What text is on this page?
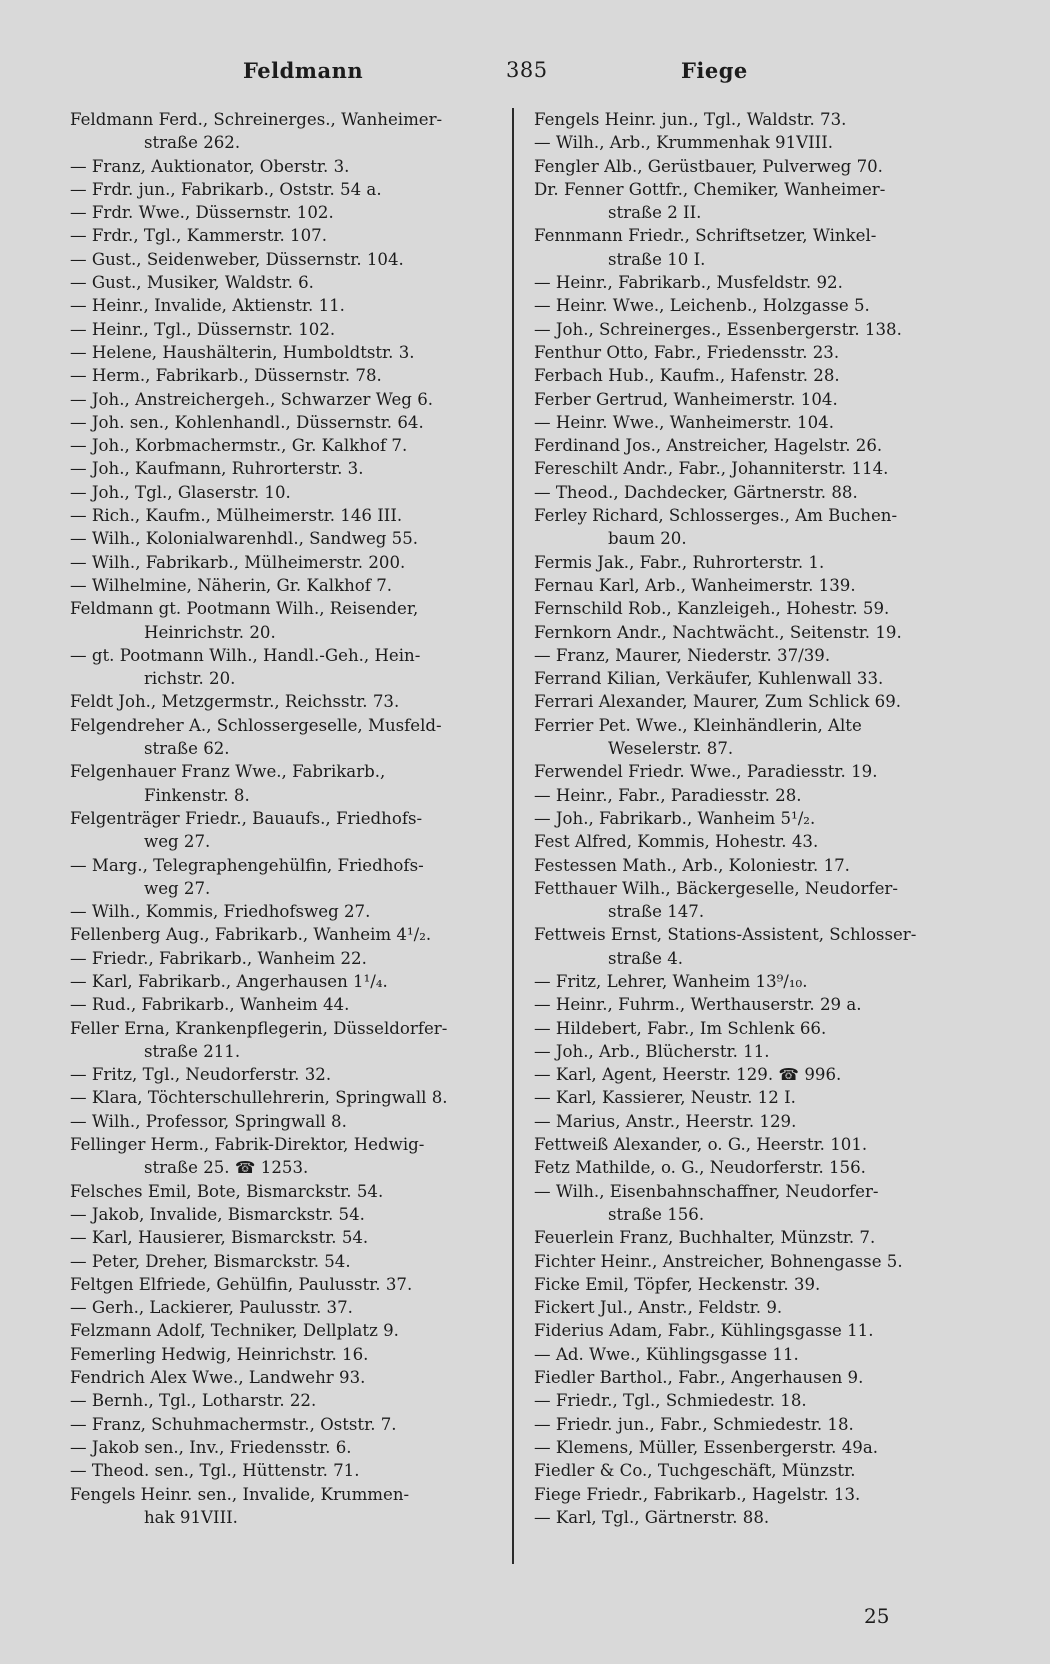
Feldmann	385	Fiege
Feldmann Ferd., Schreinerges., Wanheimer-
straße 262.
— Franz, Auktionator, Oberstr. 3.
— Frdr. jun., Fabrikarb., Oststr. 54 a.
— Frdr. Wwe., Düssernstr. 102.
— Frdr., Tgl., Kammerstr. 107.
— Gust., Seidenweber, Düssernstr. 104.
— Gust., Musiker, Waldstr. 6.
— Heinr., Invalide, Aktienstr. 11.
— Heinr., Tgl., Düssernstr. 102.
— Helene, Haushälterin, Humboldtstr. 3.
— Herm., Fabrikarb., Düssernstr. 78.
— Joh., Anstreichergeh., Schwarzer Weg 6.
— Joh. sen., Kohlenhandl., Düssernstr. 64.
— Joh., Korbmachermstr., Gr. Kalkhof 7.
— Joh., Kaufmann, Ruhrorterstr. 3.
— Joh., Tgl., Glaserstr. 10.
— Rich., Kaufm., Mülheimerstr. 146 III.
— Wilh., Kolonialwarenhdl., Sandweg 55.
— Wilh., Fabrikarb., Mülheimerstr. 200.
— Wilhelmine, Näherin, Gr. Kalkhof 7.
Feldmann gt. Pootmann Wilh., Reisender,
Heinrichstr. 20.
— gt. Pootmann Wilh., Handl.-Geh., Hein-
richstr. 20.
Feldt Joh., Metzgermstr., Reichsstr. 73.
Felgendreher A., Schlossergeselle, Musfeld-
straße 62.
Felgenhauer Franz Wwe., Fabrikarb.,
Finkenstr. 8.
Felgenträger Friedr., Bauaufs., Friedhofs-
weg 27.
— Marg., Telegraphengehülfin, Friedhofs-
weg 27.
— Wilh., Kommis, Friedhofsweg 27.
Fellenberg Aug., Fabrikarb., Wanheim 4¹/₂.
— Friedr., Fabrikarb., Wanheim 22.
— Karl, Fabrikarb., Angerhausen 1¹/₄.
— Rud., Fabrikarb., Wanheim 44.
Feller Erna, Krankenpflegerin, Düsseldorfer-
straße 211.
— Fritz, Tgl., Neudorferstr. 32.
— Klara, Töchterschullehrerin, Springwall 8.
— Wilh., Professor, Springwall 8.
Fellinger Herm., Fabrik-Direktor, Hedwig-
straße 25. ☎ 1253.
Felsches Emil, Bote, Bismarckstr. 54.
— Jakob, Invalide, Bismarckstr. 54.
— Karl, Hausierer, Bismarckstr. 54.
— Peter, Dreher, Bismarckstr. 54.
Feltgen Elfriede, Gehülfin, Paulusstr. 37.
— Gerh., Lackierer, Paulusstr. 37.
Felzmann Adolf, Techniker, Dellplatz 9.
Femerling Hedwig, Heinrichstr. 16.
Fendrich Alex Wwe., Landwehr 93.
— Bernh., Tgl., Lotharstr. 22.
— Franz, Schuhmachermstr., Oststr. 7.
— Jakob sen., Inv., Friedensstr. 6.
— Theod. sen., Tgl., Hüttenstr. 71.
Fengels Heinr. sen., Invalide, Krummen-
hak 91VIII.
Fengels Heinr. jun., Tgl., Waldstr. 73.
— Wilh., Arb., Krummenhak 91VIII.
Fengler Alb., Gerüstbauer, Pulverweg 70.
Dr. Fenner Gottfr., Chemiker, Wanheimer-
straße 2 II.
Fennmann Friedr., Schriftsetzer, Winkel-
straße 10 I.
— Heinr., Fabrikarb., Musfeldstr. 92.
— Heinr. Wwe., Leichenb., Holzgasse 5.
— Joh., Schreinerges., Essenbergerstr. 138.
Fenthur Otto, Fabr., Friedensstr. 23.
Ferbach Hub., Kaufm., Hafenstr. 28.
Ferber Gertrud, Wanheimerstr. 104.
— Heinr. Wwe., Wanheimerstr. 104.
Ferdinand Jos., Anstreicher, Hagelstr. 26.
Fereschilt Andr., Fabr., Johanniterstr. 114.
— Theod., Dachdecker, Gärtnerstr. 88.
Ferley Richard, Schlosserges., Am Buchen-
baum 20.
Fermis Jak., Fabr., Ruhrorterstr. 1.
Fernau Karl, Arb., Wanheimerstr. 139.
Fernschild Rob., Kanzleigeh., Hohestr. 59.
Fernkorn Andr., Nachtwächt., Seitenstr. 19.
— Franz, Maurer, Niederstr. 37/39.
Ferrand Kilian, Verkäufer, Kuhlenwall 33.
Ferrari Alexander, Maurer, Zum Schlick 69.
Ferrier Pet. Wwe., Kleinhändlerin, Alte
Weselerstr. 87.
Ferwendel Friedr. Wwe., Paradiesstr. 19.
— Heinr., Fabr., Paradiesstr. 28.
— Joh., Fabrikarb., Wanheim 5¹/₂.
Fest Alfred, Kommis, Hohestr. 43.
Festessen Math., Arb., Koloniestr. 17.
Fetthauer Wilh., Bäckergeselle, Neudorfer-
straße 147.
Fettweis Ernst, Stations-Assistent, Schlosser-
straße 4.
— Fritz, Lehrer, Wanheim 13⁹/₁₀.
— Heinr., Fuhrm., Werthauserstr. 29 a.
— Hildebert, Fabr., Im Schlenk 66.
— Joh., Arb., Blücherstr. 11.
— Karl, Agent, Heerstr. 129. ☎ 996.
— Karl, Kassierer, Neustr. 12 I.
— Marius, Anstr., Heerstr. 129.
Fettweiß Alexander, o. G., Heerstr. 101.
Fetz Mathilde, o. G., Neudorferstr. 156.
— Wilh., Eisenbahnschaffner, Neudorfer-
straße 156.
Feuerlein Franz, Buchhalter, Münzstr. 7.
Fichter Heinr., Anstreicher, Bohnengasse 5.
Ficke Emil, Töpfer, Heckenstr. 39.
Fickert Jul., Anstr., Feldstr. 9.
Fiderius Adam, Fabr., Kühlingsgasse 11.
— Ad. Wwe., Kühlingsgasse 11.
Fiedler Barthol., Fabr., Angerhausen 9.
— Friedr., Tgl., Schmiedestr. 18.
— Friedr. jun., Fabr., Schmiedestr. 18.
— Klemens, Müller, Essenbergerstr. 49a.
Fiedler & Co., Tuchgeschäft, Münzstr.
Fiege Friedr., Fabrikarb., Hagelstr. 13.
— Karl, Tgl., Gärtnerstr. 88.
25
